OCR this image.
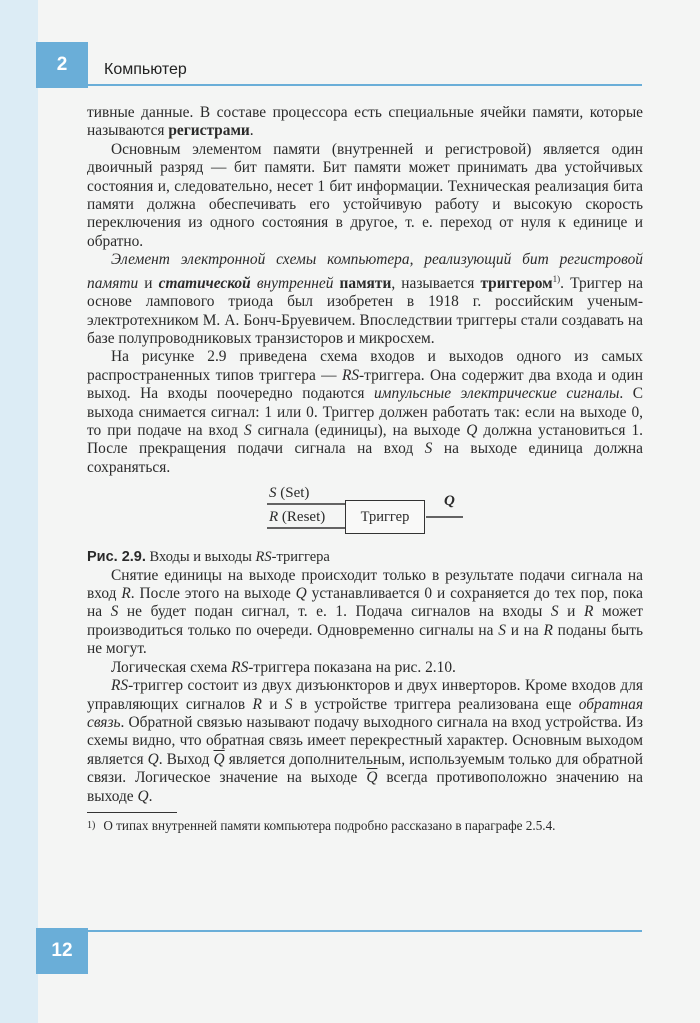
2	Компьютер

тивные данные. В составе процессора есть специальные ячейки памяти, которые называются регистрами.

Основным элементом памяти (внутренней и регистровой) является один двоичный разряд — бит памяти. Бит памяти может принимать два устойчивых состояния и, следовательно, несет 1 бит информации. Техническая реализация бита памяти должна обеспечивать его устойчивую работу и высокую скорость переключения из одного состояния в другое, т. е. переход от нуля к единице и обратно.

Элемент электронной схемы компьютера, реализующий бит регистровой памяти и статической внутренней памяти, называется триггером$^{1)}$. Триггер на основе лампового триода был изобретен в 1918 г. российским ученым-электротехником М. А. Бонч-Бруевичем. Впоследствии триггеры стали создавать на базе полупроводниковых транзисторов и микросхем.

На рисунке 2.9 приведена схема входов и выходов одного из самых распространенных типов триггера — RS-триггера. Она содержит два входа и один выход. На входы поочередно подаются импульсные электрические сигналы. С выхода снимается сигнал: 1 или 0. Триггер должен работать так: если на выходе 0, то при подаче на вход S сигнала (единицы), на выходе Q должна установиться 1. После прекращения подачи сигнала на вход S на выходе единица должна сохраняться.

S (Set)
R (Reset)	Триггер
Q

Рис. 2.9. Входы и выходы RS-триггера

Снятие единицы на выходе происходит только в результате подачи сигнала на вход R. После этого на выходе Q устанавливается 0 и сохраняется до тех пор, пока на S не будет подан сигнал, т. е. 1. Подача сигналов на входы S и R может производиться только по очереди. Одновременно сигналы на S и на R поданы быть не могут.

Логическая схема RS-триггера показана на рис. 2.10.

RS-триггер состоит из двух дизъюнкторов и двух инверторов. Кроме входов для управляющих сигналов R и S в устройстве триггера реализована еще обратная связь. Обратной связью называют подачу выходного сигнала на вход устройства. Из схемы видно, что обратная связь имеет перекрестный характер. Основным выходом является Q. Выход $\overline{Q}$ является дополнительным, используемым только для обратной связи. Логическое значение на выходе $\overline{Q}$ всегда противоположно значению на выходе Q.

$^{1)}$ О типах внутренней памяти компьютера подробно рассказано в параграфе 2.5.4.

12
